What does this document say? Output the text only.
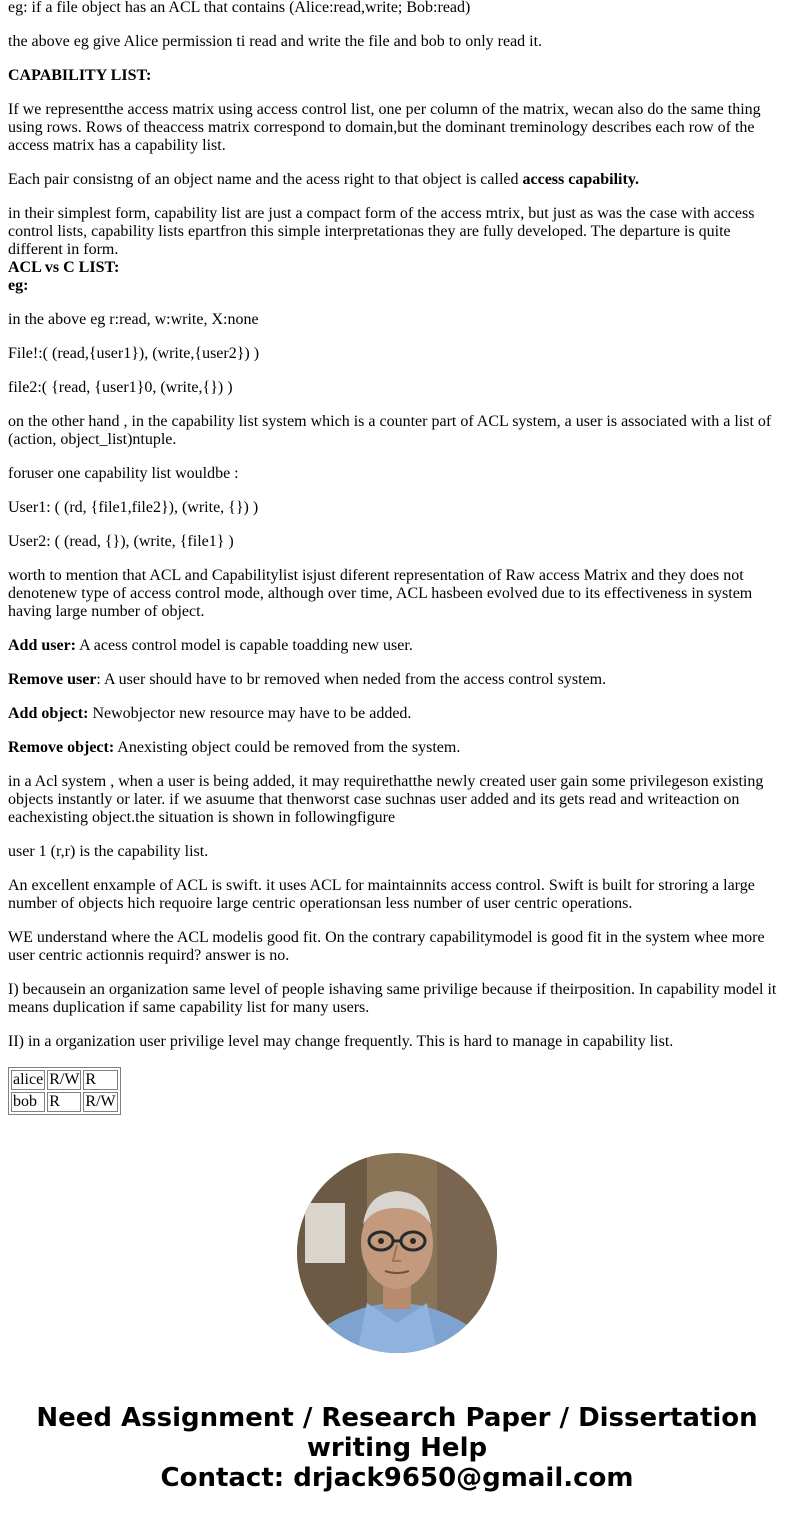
eg: if a file object has an ACL that contains (Alice:read,write; Bob:read)

the above eg give Alice permission ti read and write the file and bob to only read it.

CAPABILITY LIST:

If we representthe access matrix using access control list, one per column of the matrix, wecan also do the same thing using rows. Rows of theaccess matrix correspond to domain,but the dominant treminology describes each row of the access matrix has a capability list.

Each pair consistng of an object name and the acess right to that object is called access capability.

in their simplest form, capability list are just a compact form of the access mtrix, but just as was the case with access control lists, capability lists epartfron this simple interpretationas they are fully developed. The departure is quite different in form.

ACL vs C LIST:

eg:

in the above eg r:read, w:write, X:none

File!:( (read,{user1}), (write,{user2}) )

file2:( {read, {user1}0, (write,{}) )

on the other hand , in the capability list system which is a counter part of ACL system, a user is associated with a list of (action, object_list)ntuple.

foruser one capability list wouldbe :

User1: ( (rd, {file1,file2}), (write, {}) )

User2: ( (read, {}), (write, {file1} )

worth to mention that ACL and Capabilitylist isjust diferent representation of Raw access Matrix and they does not denotenew type of access control mode, although over time, ACL hasbeen evolved due to its effectiveness in system having large number of object.

Add user: A acess control model is capable toadding new user.

Remove user: A user should have to br removed when neded from the access control system.

Add object: Newobjector new resource may have to be added.

Remove object: Anexisting object could be removed from the system.

in a Acl system , when a user is being added, it may requirethatthe newly created user gain some privilegeson existing objects instantly or later. if we asuume that thenworst case suchnas user added and its gets read and writeaction on eachexisting object.the situation is shown in followingfigure

user 1 (r,r) is the capability list.

An excellent enxample of ACL is swift. it uses ACL for maintainnits access control. Swift is built for stroring a large number of objects hich requoire large centric operationsan less number of user centric operations.

WE understand where the ACL modelis good fit. On the contrary capabilitymodel is good fit in the system whee more user centric actionnis requird? answer is no.

I) becausein an organization same level of people ishaving same privilige because if theirposition. In capability model it means duplication if same capability list for many users.

II) in a organization user privilige level may change frequently. This is hard to manage in capability list.

alice	R/W	R
bob	R	R/W
Need Assignment / Research Paper / Dissertation writing Help
Contact: drjack9650@gmail.com
